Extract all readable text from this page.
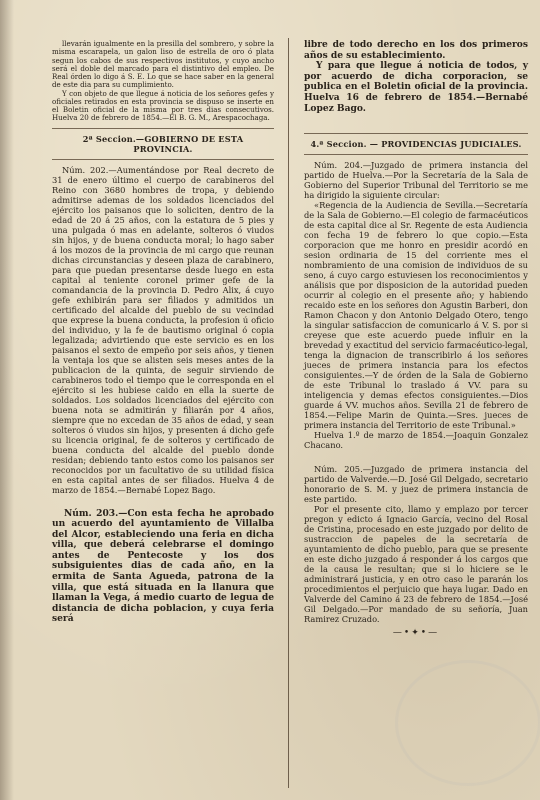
llevarán igualmente en la presilla del sombrero, y sobre la misma escarapela, un galon liso de estrella de oro ó plata segun los cabos de sus respectivos institutos, y cuyo ancho será el doble del marcado para el distintivo del empleo. De Real órden lo digo á S. E. Lo que se hace saber en la general de este dia para su cumplimiento.

Y con objeto de que llegue á noticia de los señores gefes y oficiales retirados en esta provincia se dispuso se inserte en el Boletin oficial de la misma por tres dias consecutivos. Huelva 20 de febrero de 1854.—El B. G. M., Arespacochaga.

2ª Seccion.—GOBIERNO DE ESTA PROVINCIA.

Núm. 202.—Aumentándose por Real decreto de 31 de enero último el cuerpo de carabineros del Reino con 3680 hombres de tropa, y debiendo admitirse ademas de los soldados licenciados del ejército los paisanos que lo soliciten, dentro de la edad de 20 á 25 años, con la estatura de 5 pies y una pulgada ó mas en adelante, solteros ó viudos sin hijos, y de buena conducta moral; lo hago saber á los mozos de la provincia de mi cargo que reunan dichas circunstancias y deseen plaza de carabinero, para que puedan presentarse desde luego en esta capital al teniente coronel primer gefe de la comandancia de la provincia D. Pedro Alix, á cuyo gefe exhibirán para ser filiados y admitidos un certificado del alcalde del pueblo de su vecindad que exprese la buena conducta, la profesion ú oficio del individuo, y la fe de bautismo original ó copia legalizada; advirtiendo que este servicio es en los paisanos el sexto de empeño por seis años, y tienen la ventaja los que se alisten seis meses antes de la publicacion de la quinta, de seguir sirviendo de carabineros todo el tiempo que le corresponda en el ejército si les hubiese caido en ella la suerte de soldados. Los soldados licenciados del ejército con buena nota se admitirán y filiarán por 4 años, siempre que no excedan de 35 años de edad, y sean solteros ó viudos sin hijos, y presenten á dicho gefe su licencia original, fe de solteros y certificado de buena conducta del alcalde del pueblo donde residan; debiendo tanto estos como los paisanos ser reconocidos por un facultativo de su utilidad física en esta capital antes de ser filiados. Huelva 4 de marzo de 1854.—Bernabé Lopez Bago.

Núm. 203.—Con esta fecha he aprobado un acuerdo del ayuntamiento de Villalba del Alcor, estableciendo una feria en dicha villa, que deberá celebrarse el domingo antes de Pentecoste y los dos subsiguientes dias de cada año, en la ermita de Santa Agueda, patrona de la villa, que está situada en la llanura que llaman la Vega, á medio cuarto de legua de distancia de dicha poblacion, y cuya feria será

libre de todo derecho en los dos primeros años de su establecimiento.

Y para que llegue á noticia de todos, y por acuerdo de dicha corporacion, se publica en el Boletin oficial de la provincia. Huelva 16 de febrero de 1854.—Bernabé Lopez Bago.

4.ª Seccion. — PROVIDENCIAS JUDICIALES.

Núm. 204.—Juzgado de primera instancia del partido de Huelva.—Por la Secretaría de la Sala de Gobierno del Superior Tribunal del Territorio se me ha dirigido la siguiente circular:

«Regencia de la Audiencia de Sevilla.—Secretaría de la Sala de Gobierno.—El colegio de farmacéuticos de esta capital dice al Sr. Regente de esta Audiencia con fecha 19 de febrero lo que copio.—Esta corporacion que me honro en presidir acordó en sesion ordinaria de 15 del corriente mes el nombramiento de una comision de individuos de su seno, á cuyo cargo estuviesen los reconocimientos y análisis que por disposicion de la autoridad pueden ocurrir al colegio en el presente año; y habiendo recaido este en los señores don Agustin Barberi, don Ramon Chacon y don Antonio Delgado Otero, tengo la singular satisfaccion de comunicarlo á V. S. por si creyese que este acuerdo puede influir en la brevedad y exactitud del servicio farmacéutico-legal, tenga la dignacion de transcribirlo á los señores jueces de primera instancia para los efectos consiguientes.—Y de órden de la Sala de Gobierno de este Tribunal lo traslado á VV. para su inteligencia y demas efectos consiguientes.—Dios guarde á VV. muchos años. Sevilla 21 de febrero de 1854.—Felipe Marin de Quinta.—Sres. jueces de primera instancia del Territorio de este Tribunal.»

Huelva 1.º de marzo de 1854.—Joaquin Gonzalez Chacano.

Núm. 205.—Juzgado de primera instancia del partido de Valverde.—D. José Gil Delgado, secretario honorario de S. M. y juez de primera instancia de este partido.

Por el presente cito, llamo y emplazo por tercer pregon y edicto á Ignacio García, vecino del Rosal de Cristina, procesado en este juzgado por delito de sustraccion de papeles de la secretaría de ayuntamiento de dicho pueblo, para que se presente en este dicho juzgado á responder á los cargos que de la causa le resultan; que si lo hiciere se le administrará justicia, y en otro caso le pararán los procedimientos el perjuicio que haya lugar. Dado en Valverde del Camino á 23 de febrero de 1854.—José Gil Delgado.—Por mandado de su señoría, Juan Ramirez Cruzado.

—•✦•—
